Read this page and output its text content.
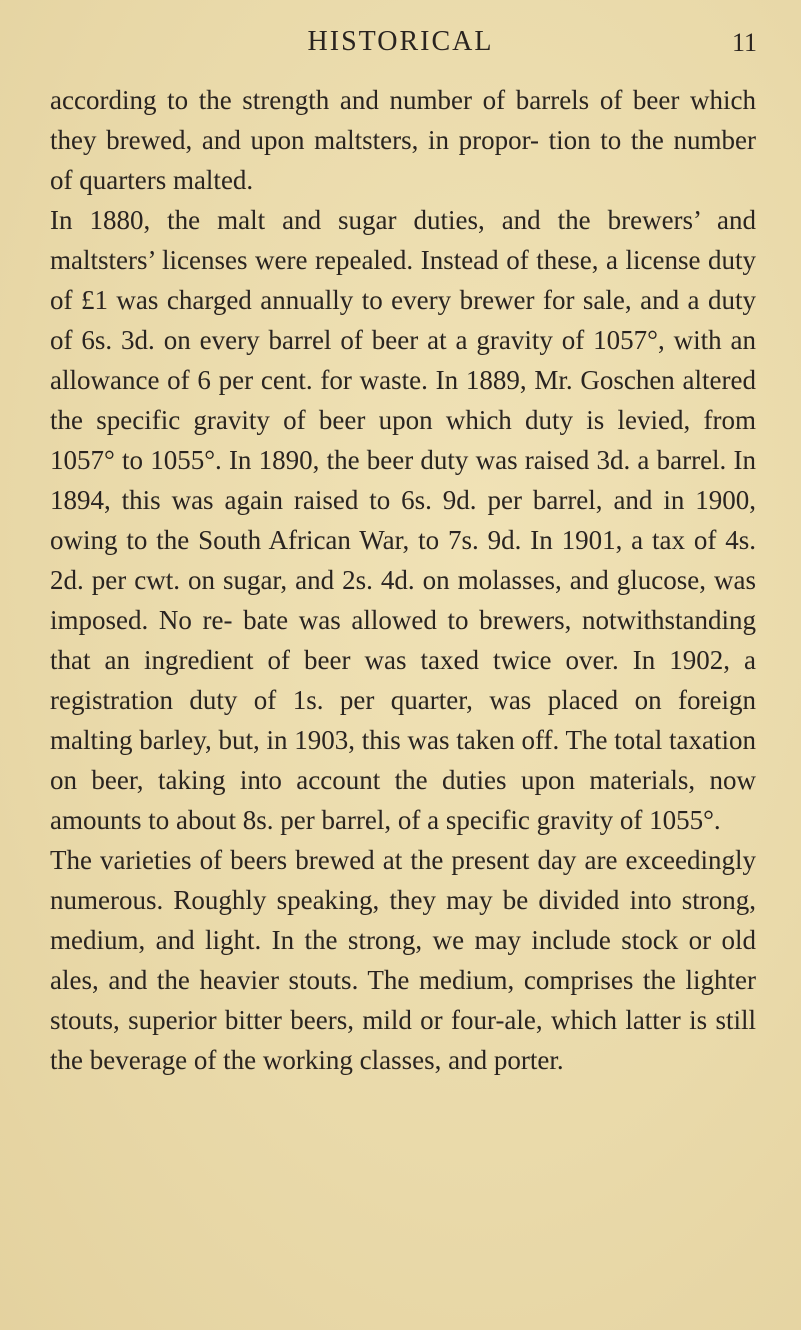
HISTORICAL	11

according to the strength and number of barrels of beer which they brewed, and upon maltsters, in propor- tion to the number of quarters malted.

In 1880, the malt and sugar duties, and the brewers’ and maltsters’ licenses were repealed. Instead of these, a license duty of £1 was charged annually to every brewer for sale, and a duty of 6s. 3d. on every barrel of beer at a gravity of 1057°, with an allowance of 6 per cent. for waste. In 1889, Mr. Goschen altered the specific gravity of beer upon which duty is levied, from 1057° to 1055°. In 1890, the beer duty was raised 3d. a barrel. In 1894, this was again raised to 6s. 9d. per barrel, and in 1900, owing to the South African War, to 7s. 9d. In 1901, a tax of 4s. 2d. per cwt. on sugar, and 2s. 4d. on molasses, and glucose, was imposed. No re- bate was allowed to brewers, notwithstanding that an ingredient of beer was taxed twice over. In 1902, a registration duty of 1s. per quarter, was placed on foreign malting barley, but, in 1903, this was taken off. The total taxation on beer, taking into account the duties upon materials, now amounts to about 8s. per barrel, of a specific gravity of 1055°.

The varieties of beers brewed at the present day are exceedingly numerous. Roughly speaking, they may be divided into strong, medium, and light. In the strong, we may include stock or old ales, and the heavier stouts. The medium, comprises the lighter stouts, superior bitter beers, mild or four-ale, which latter is still the beverage of the working classes, and porter.
